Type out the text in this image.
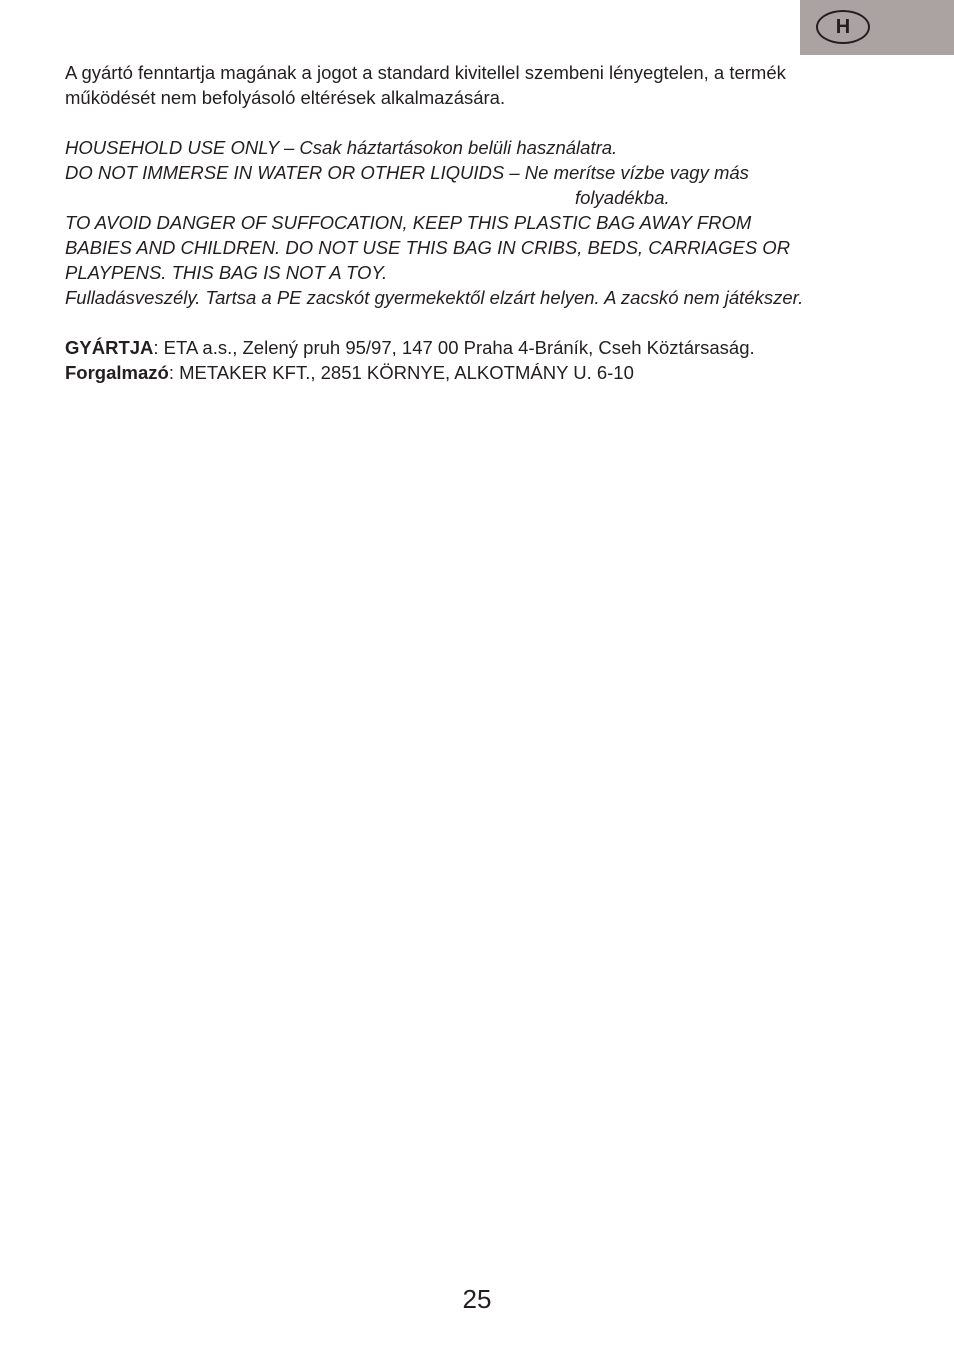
H

A gyártó fenntartja magának a jogot a standard kivitellel szembeni lényegtelen, a termék

működését nem befolyásoló eltérések alkalmazására.

HOUSEHOLD USE ONLY – Csak háztartásokon belüli használatra.

DO NOT IMMERSE IN WATER OR OTHER LIQUIDS – Ne merítse vízbe vagy más

folyadékba.

TO AVOID DANGER OF SUFFOCATION, KEEP THIS PLASTIC BAG AWAY FROM

BABIES AND CHILDREN. DO NOT USE THIS BAG IN CRIBS, BEDS, CARRIAGES OR

PLAYPENS. THIS BAG IS NOT A TOY.

Fulladásveszély. Tartsa a PE zacskót gyermekektől elzárt helyen. A zacskó nem játékszer.

GYÁRTJA: ETA a.s., Zelený pruh 95/97, 147 00 Praha 4-Bráník, Cseh Köztársaság.

Forgalmazó: METAKER KFT., 2851 KÖRNYE, ALKOTMÁNY U. 6-10

25
